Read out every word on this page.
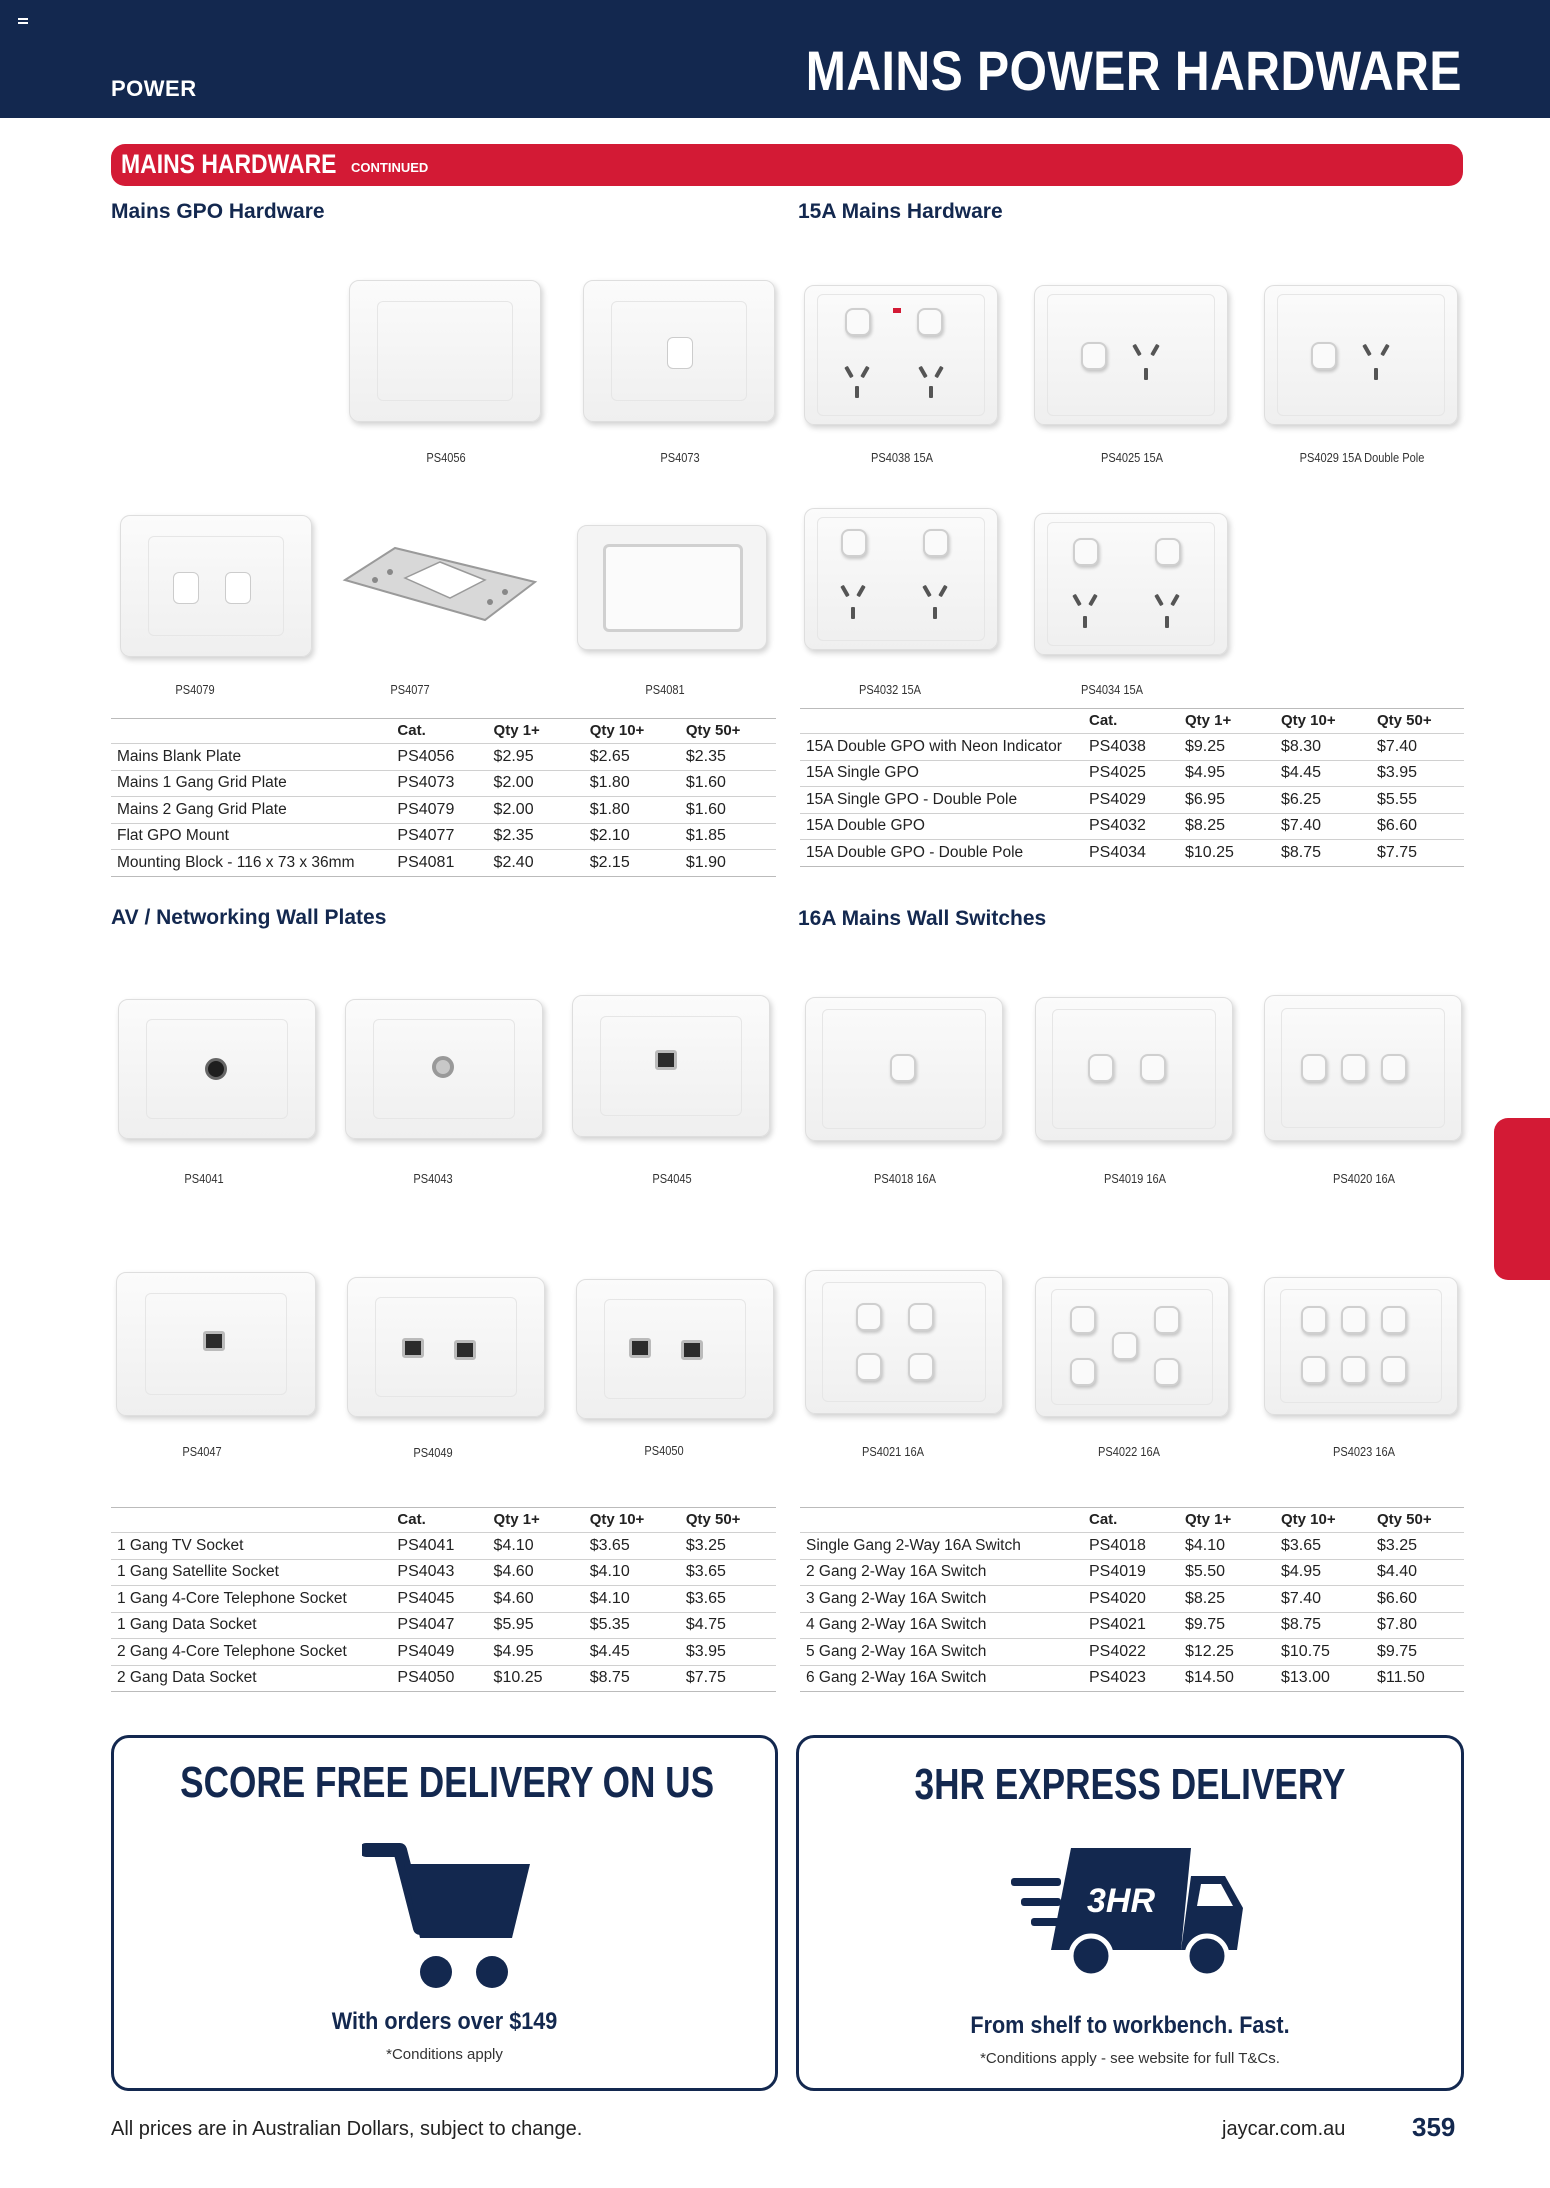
POWER	MAINS POWER HARDWARE
MAINS HARDWARE CONTINUED
Mains GPO Hardware
PS4056	PS4073
PS4079	PS4077	PS4081
	Cat.	Qty 1+	Qty 10+	Qty 50+
Mains Blank Plate	PS4056	$2.95	$2.65	$2.35
Mains 1 Gang Grid Plate	PS4073	$2.00	$1.80	$1.60
Mains 2 Gang Grid Plate	PS4079	$2.00	$1.80	$1.60
Flat GPO Mount	PS4077	$2.35	$2.10	$1.85
Mounting Block - 116 x 73 x 36mm	PS4081	$2.40	$2.15	$1.90
15A Mains Hardware
PS4038 15A	PS4025 15A	PS4029 15A Double Pole
PS4032 15A	PS4034 15A
	Cat.	Qty 1+	Qty 10+	Qty 50+
15A Double GPO with Neon Indicator	PS4038	$9.25	$8.30	$7.40
15A Single GPO	PS4025	$4.95	$4.45	$3.95
15A Single GPO - Double Pole	PS4029	$6.95	$6.25	$5.55
15A Double GPO	PS4032	$8.25	$7.40	$6.60
15A Double GPO - Double Pole	PS4034	$10.25	$8.75	$7.75
AV / Networking Wall Plates
PS4041	PS4043	PS4045
PS4047	PS4049	PS4050
	Cat.	Qty 1+	Qty 10+	Qty 50+
1 Gang TV Socket	PS4041	$4.10	$3.65	$3.25
1 Gang Satellite Socket	PS4043	$4.60	$4.10	$3.65
1 Gang 4-Core Telephone Socket	PS4045	$4.60	$4.10	$3.65
1 Gang Data Socket	PS4047	$5.95	$5.35	$4.75
2 Gang 4-Core Telephone Socket	PS4049	$4.95	$4.45	$3.95
2 Gang Data Socket	PS4050	$10.25	$8.75	$7.75
16A Mains Wall Switches
PS4018 16A	PS4019 16A	PS4020 16A
PS4021 16A	PS4022 16A	PS4023 16A
	Cat.	Qty 1+	Qty 10+	Qty 50+
Single Gang 2-Way 16A Switch	PS4018	$4.10	$3.65	$3.25
2 Gang 2-Way 16A Switch	PS4019	$5.50	$4.95	$4.40
3 Gang 2-Way 16A Switch	PS4020	$8.25	$7.40	$6.60
4 Gang 2-Way 16A Switch	PS4021	$9.75	$8.75	$7.80
5 Gang 2-Way 16A Switch	PS4022	$12.25	$10.75	$9.75
6 Gang 2-Way 16A Switch	PS4023	$14.50	$13.00	$11.50
SCORE FREE DELIVERY ON US
With orders over $149
*Conditions apply
3HR EXPRESS DELIVERY
3HR
From shelf to workbench. Fast.
*Conditions apply - see website for full T&Cs.
All prices are in Australian Dollars, subject to change.	jaycar.com.au	359
